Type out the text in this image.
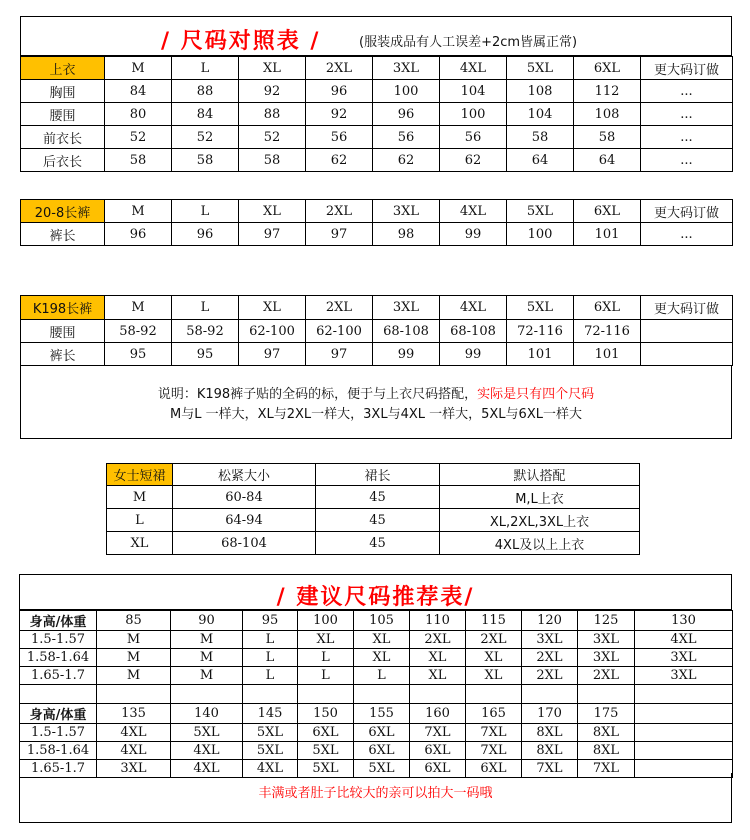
/ 尺码对照表 /	(服装成品有人工误差+2cm皆属正常)
上衣	M	L	XL	2XL	3XL	4XL	5XL	6XL	更大码订做
胸围	84	88	92	96	100	104	108	112	...
腰围	80	84	88	92	96	100	104	108	...
前衣长	52	52	52	56	56	56	58	58	...
后衣长	58	58	58	62	62	62	64	64	...
20-8长裤	M	L	XL	2XL	3XL	4XL	5XL	6XL	更大码订做
裤长	96	96	97	97	98	99	100	101	...
K198长裤	M	L	XL	2XL	3XL	4XL	5XL	6XL	更大码订做
腰围	58-92	58-92	62-100	62-100	68-108	68-108	72-116	72-116	
裤长	95	95	97	97	99	99	101	101	
说明：K198裤子贴的全码的标，便于与上衣尺码搭配，实际是只有四个尺码
M与L 一样大，XL与2XL一样大，3XL与4XL 一样大，5XL与6XL一样大
女士短裙	松紧大小	裙长	默认搭配
M	60-84	45	M,L上衣
L	64-94	45	XL,2XL,3XL上衣
XL	68-104	45	4XL及以上上衣
/ 建议尺码推荐表/
身高/体重	85	90	95	100	105	110	115	120	125	130
1.5-1.57	M	M	L	XL	XL	2XL	2XL	3XL	3XL	4XL
1.58-1.64	M	M	L	L	XL	XL	XL	2XL	3XL	3XL
1.65-1.7	M	M	L	L	L	XL	XL	2XL	2XL	3XL

身高/体重	135	140	145	150	155	160	165	170	175	
1.5-1.57	4XL	5XL	5XL	6XL	6XL	7XL	7XL	8XL	8XL	
1.58-1.64	4XL	4XL	5XL	5XL	6XL	6XL	7XL	8XL	8XL	
1.65-1.7	3XL	4XL	4XL	5XL	5XL	6XL	6XL	7XL	7XL	
丰满或者肚子比较大的亲可以拍大一码哦
